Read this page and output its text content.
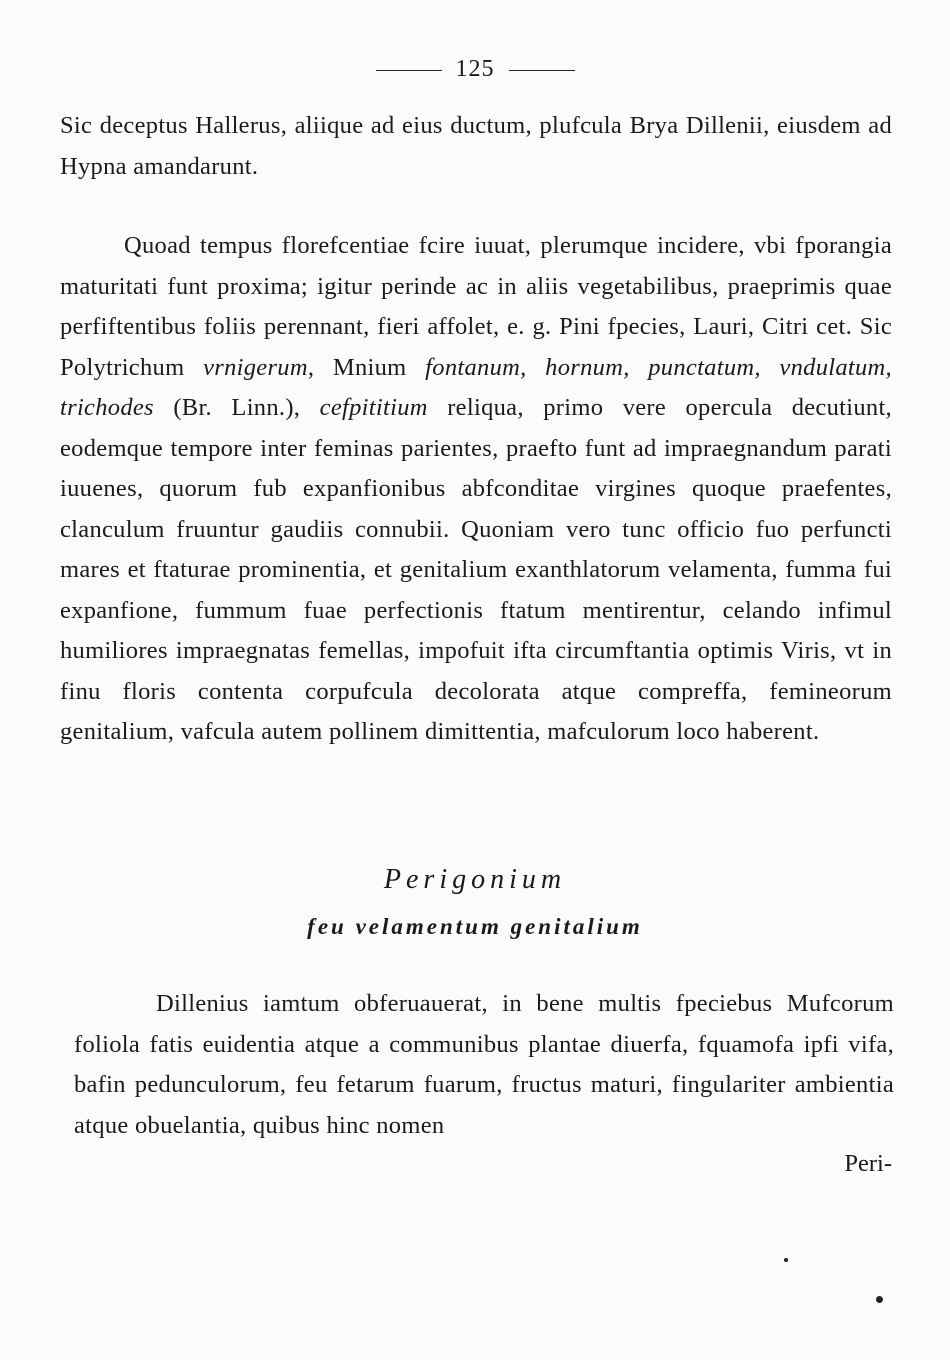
125
Sic deceptus Hallerus, aliique ad eius ductum, plufcula Brya Dillenii, eiusdem ad Hypna amandarunt.
Quoad tempus florefcentiae fcire iuuat, plerumque incidere, vbi fporangia maturitati funt proxima; igitur perinde ac in aliis vegetabilibus, praeprimis quae perfiftentibus foliis perennant, fieri affolet, e. g. Pini fpecies, Lauri, Citri cet. Sic Polytrichum vrnigerum, Mnium fontanum, hornum, punctatum, vndulatum, trichodes (Br. Linn.), cefpititium reliqua, primo vere opercula decutiunt, eodemque tempore inter feminas parientes, praefto funt ad impraegnandum parati iuuenes, quorum fub expanfionibus abfconditae virgines quoque praefentes, clanculum fruuntur gaudiis connubii. Quoniam vero tunc officio fuo perfuncti mares et ftaturae prominentia, et genitalium exanthlatorum velamenta, fumma fui expanfione, fummum fuae perfectionis ftatum mentirentur, celando infimul humiliores impraegnatas femellas, impofuit ifta circumftantia optimis Viris, vt in finu floris contenta corpufcula decolorata atque compreffa, femineorum genitalium, vafcula autem pollinem dimittentia, mafculorum loco haberent.
Perigonium
feu velamentum genitalium
Dillenius iamtum obferuauerat, in bene multis fpeciebus Mufcorum foliola fatis euidentia atque a communibus plantae diuerfa, fquamofa ipfi vifa, bafin pedunculorum, feu fetarum fuarum, fructus maturi, fingulariter ambientia atque obuelantia, quibus hinc nomen
Peri-
